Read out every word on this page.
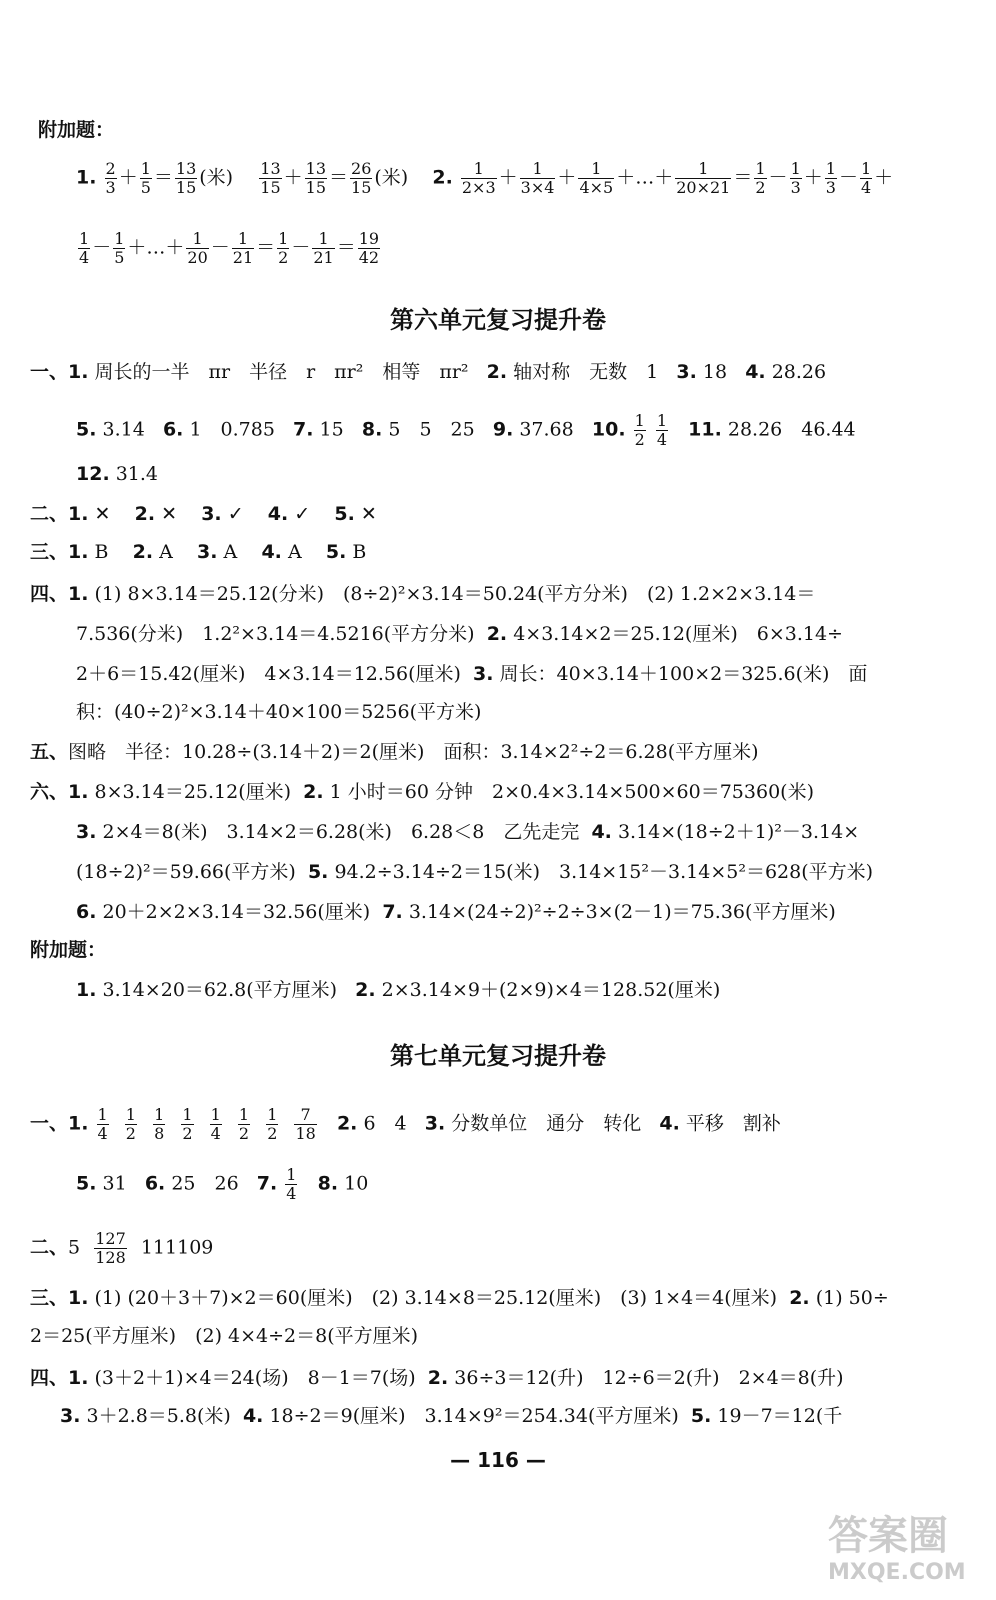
附加题：
1. $\frac{2}{3} + \frac{1}{5} = \frac{13}{15}$ (米) $\frac{13}{15} + \frac{13}{15} = \frac{26}{15}$ (米) 2. $\frac{1}{2\times 3} + \frac{1}{3\times 4} + \frac{1}{4\times 5}$ ＋…＋ $\frac{1}{20\times 21} = \frac{1}{2} - \frac{1}{3} + \frac{1}{3} - \frac{1}{4}$ ＋
$\frac{1}{4} - \frac{1}{5}$ ＋…＋ $\frac{1}{20} - \frac{1}{21} = \frac{1}{2} - \frac{1}{21} = \frac{19}{42}$
第六单元复习提升卷
一、1. 周长的一半　πr　半径　r　πr²　相等　πr² 2. 轴对称　无数　1 3. 18 4. 28.26
5. 3.14 6. 1　0.785 7. 15 8. 5　5　25 9. 37.68 10. $\frac{1}{2}$
$\frac{1}{4} 11$. 28.26　46.44
12. 31.4
二、1. ✕ 2. ✕ 3. ✓ 4. ✓ 5. ✕
三、1. B 2. A 3. A 4. A 5. B
四、1. (1) 8×3.14＝25.12(分米)　(8÷2)²×3.14＝50.24(平方分米)　(2) 1.2×2×3.14＝
7.536(分米)　1.2²×3.14＝4.5216(平方分米) 2. 4×3.14×2＝25.12(厘米)　6×3.14÷
2＋6＝15.42(厘米)　4×3.14＝12.56(厘米) 3. 周长：40×3.14＋100×2＝325.6(米)　面
积：(40÷2)²×3.14＋40×100＝5256(平方米)
五、图略　半径：10.28÷(3.14＋2)＝2(厘米)　面积：3.14×2²÷2＝6.28(平方厘米)
六、1. 8×3.14＝25.12(厘米) 2. 1 小时＝60 分钟　2×0.4×3.14×500×60＝75360(米)
3. 2×4＝8(米)　3.14×2＝6.28(米)　6.28＜8　乙先走完 4. 3.14×(18÷2＋1)²－3.14×
(18÷2)²＝59.66(平方米) 5. 94.2÷3.14÷2＝15(米)　3.14×15²－3.14×5²＝628(平方米)
6. 20＋2×2×3.14＝32.56(厘米) 7. 3.14×(24÷2)²÷2÷3×(2－1)＝75.36(平方厘米)
附加题：
1. 3.14×20＝62.8(平方厘米) 2. 2×3.14×9＋(2×9)×4＝128.52(厘米)
第七单元复习提升卷
一、1. $\frac{1}{4}$
$\frac{1}{2}$
$\frac{1}{8}$
$\frac{1}{2}$
$\frac{1}{4}$
$\frac{1}{2}$
$\frac{1}{2}$
$\frac{7}{18} 2$. 6　4 3. 分数单位　通分　转化 4. 平移　割补
5. 31 6. 25　26 7. $\frac{1}{4} 8$. 10
二、$5 \frac{127}{128} 111109$
三、1. (1) (20＋3＋7)×2＝60(厘米)　(2) 3.14×8＝25.12(厘米)　(3) 1×4＝4(厘米) 2. (1) 50÷
2＝25(平方厘米)　(2) 4×4÷2＝8(平方厘米)
四、1. (3＋2＋1)×4＝24(场)　8－1＝7(场) 2. 36÷3＝12(升)　12÷6＝2(升)　2×4＝8(升)
3. 3＋2.8＝5.8(米) 4. 18÷2＝9(厘米)　3.14×9²＝254.34(平方厘米) 5. 19－7＝12(千
— 116 —
答案圈
MXQE.COM
